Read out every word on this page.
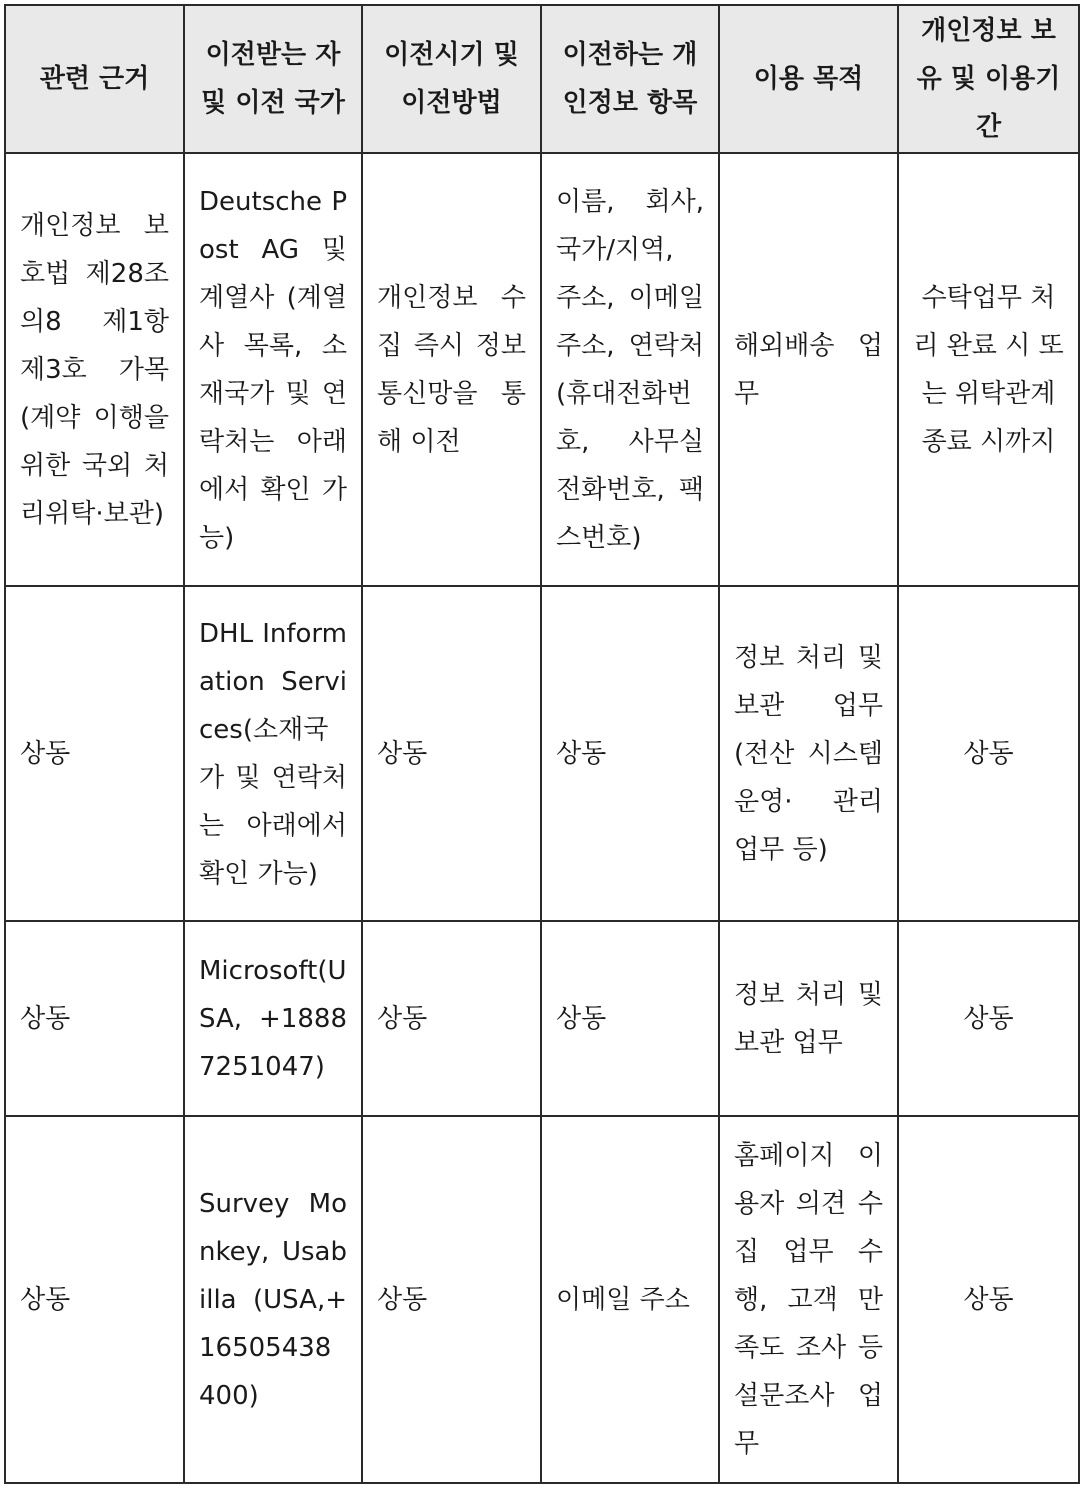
관련 근거	이전받는 자 및 이전 국가	이전시기 및 이전방법	이전하는 개인정보 항목	이용 목적	개인정보 보유 및 이용기간
개인정보 보호법 제28조의8 제1항 제3호 가목(계약 이행을 위한 국외 처리위탁·보관)	Deutsche Post AG 및 계열사 (계열사 목록, 소재국가 및 연락처는 아래에서 확인 가능)	개인정보 수집 즉시 정보통신망을 통해 이전	이름, 회사, 국가/지역, 주소, 이메일주소, 연락처(휴대전화번호, 사무실 전화번호, 팩스번호)	해외배송 업무	수탁업무 처리 완료 시 또는 위탁관계 종료 시까지
상동	DHL Information Services(소재국가 및 연락처는 아래에서 확인 가능)	상동	상동	정보 처리 및 보관 업무 (전산 시스템 운영· 관리 업무 등)	상동
상동	Microsoft(USA, +18887251047)	상동	상동	정보 처리 및 보관 업무	상동
상동	Survey Monkey, Usabilla (USA,+16505438400)	상동	이메일 주소	홈페이지 이용자 의견 수집 업무 수행, 고객 만족도 조사 등 설문조사 업무	상동
